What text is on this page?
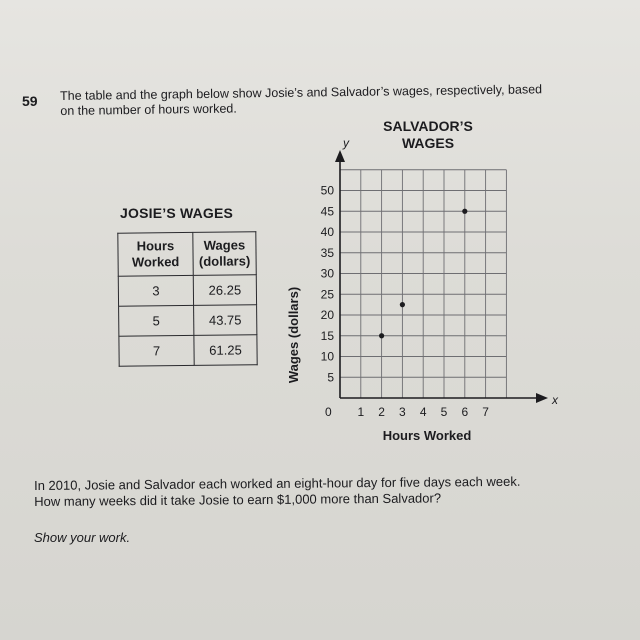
59 The table and the graph below show Josie’s and Salvador’s wages, respectively, based
on the number of hours worked.
JOSIE’S WAGES
Hours Worked	Wages (dollars)
3	26.25
5	43.75
7	61.25
SALVADOR’S WAGES
5
10
15
20
25
30
35
40
45
50
1 2 3 4 5 6 7
Wages (dollars)
Hours Worked
y
x
0
In 2010, Josie and Salvador each worked an eight-hour day for five days each week.
How many weeks did it take Josie to earn $1,000 more than Salvador?
Show your work.
